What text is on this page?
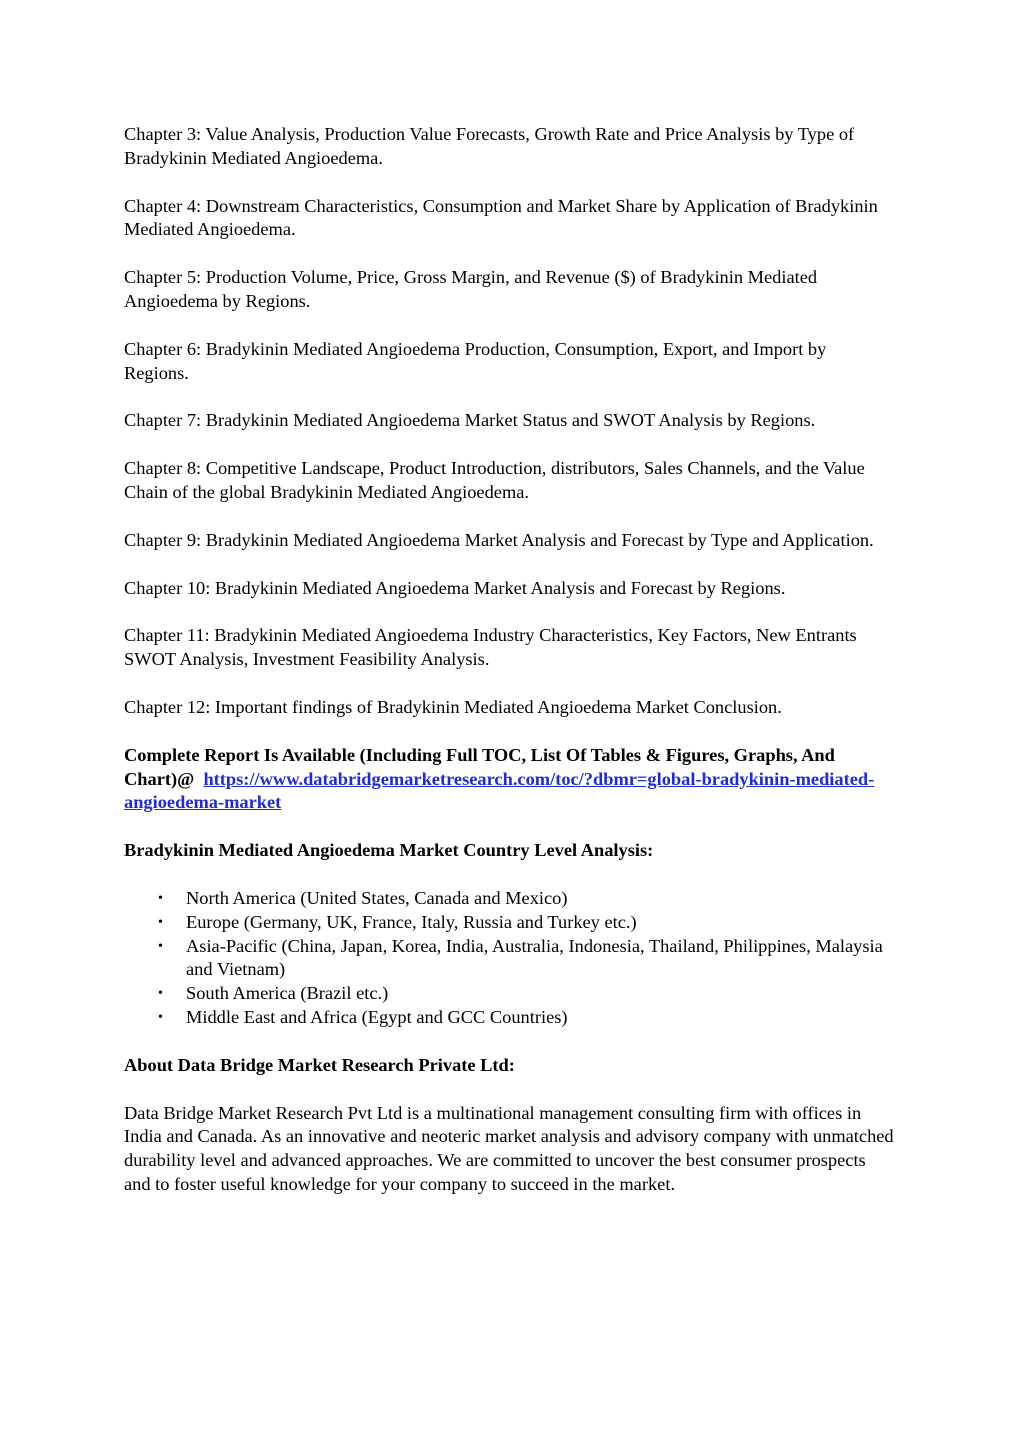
Chapter 3: Value Analysis, Production Value Forecasts, Growth Rate and Price Analysis by Type of Bradykinin Mediated Angioedema.

Chapter 4: Downstream Characteristics, Consumption and Market Share by Application of Bradykinin Mediated Angioedema.

Chapter 5: Production Volume, Price, Gross Margin, and Revenue ($) of Bradykinin Mediated Angioedema by Regions.

Chapter 6: Bradykinin Mediated Angioedema Production, Consumption, Export, and Import by Regions.

Chapter 7: Bradykinin Mediated Angioedema Market Status and SWOT Analysis by Regions.

Chapter 8: Competitive Landscape, Product Introduction, distributors, Sales Channels, and the Value Chain of the global Bradykinin Mediated Angioedema.

Chapter 9: Bradykinin Mediated Angioedema Market Analysis and Forecast by Type and Application.

Chapter 10: Bradykinin Mediated Angioedema Market Analysis and Forecast by Regions.

Chapter 11: Bradykinin Mediated Angioedema Industry Characteristics, Key Factors, New Entrants SWOT Analysis, Investment Feasibility Analysis.

Chapter 12: Important findings of Bradykinin Mediated Angioedema Market Conclusion.

Complete Report Is Available (Including Full TOC, List Of Tables & Figures, Graphs, And Chart)@ https://www.databridgemarketresearch.com/toc/?dbmr=global-bradykinin-mediated-angioedema-market

Bradykinin Mediated Angioedema Market Country Level Analysis:

• North America (United States, Canada and Mexico)
• Europe (Germany, UK, France, Italy, Russia and Turkey etc.)
• Asia-Pacific (China, Japan, Korea, India, Australia, Indonesia, Thailand, Philippines, Malaysia and Vietnam)
• South America (Brazil etc.)
• Middle East and Africa (Egypt and GCC Countries)

About Data Bridge Market Research Private Ltd:

Data Bridge Market Research Pvt Ltd is a multinational management consulting firm with offices in India and Canada. As an innovative and neoteric market analysis and advisory company with unmatched durability level and advanced approaches. We are committed to uncover the best consumer prospects and to foster useful knowledge for your company to succeed in the market.
